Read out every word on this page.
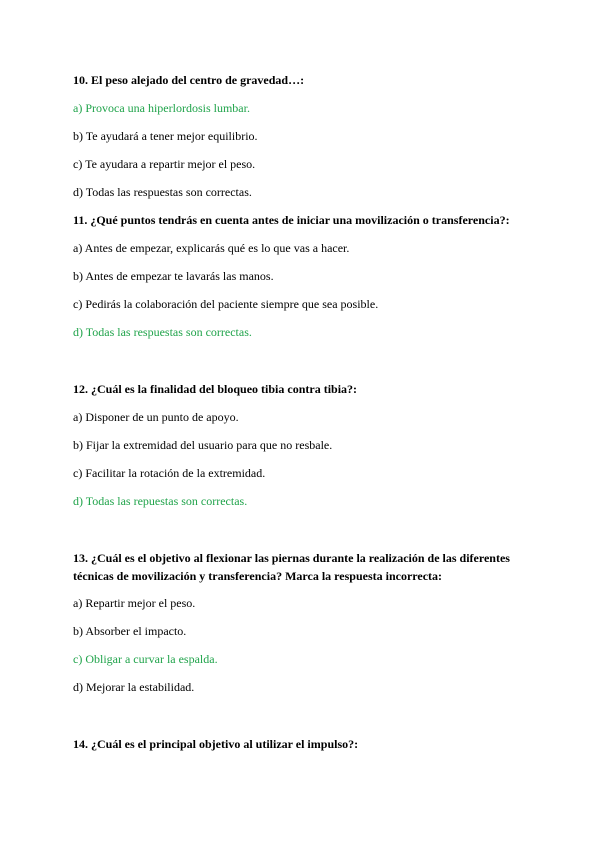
10. El peso alejado del centro de gravedad…:
a) Provoca una hiperlordosis lumbar.
b) Te ayudará a tener mejor equilibrio.
c) Te ayudara a repartir mejor el peso.
d) Todas las respuestas son correctas.
11. ¿Qué puntos tendrás en cuenta antes de iniciar una movilización o transferencia?:
a) Antes de empezar, explicarás qué es lo que vas a hacer.
b) Antes de empezar te lavarás las manos.
c) Pedirás la colaboración del paciente siempre que sea posible.
d) Todas las respuestas son correctas.
12. ¿Cuál es la finalidad del bloqueo tibia contra tibia?:
a) Disponer de un punto de apoyo.
b) Fijar la extremidad del usuario para que no resbale.
c) Facilitar la rotación de la extremidad.
d) Todas las repuestas son correctas.
13. ¿Cuál es el objetivo al flexionar las piernas durante la realización de las diferentes técnicas de movilización y transferencia? Marca la respuesta incorrecta:
a) Repartir mejor el peso.
b) Absorber el impacto.
c) Obligar a curvar la espalda.
d) Mejorar la estabilidad.
14. ¿Cuál es el principal objetivo al utilizar el impulso?:
